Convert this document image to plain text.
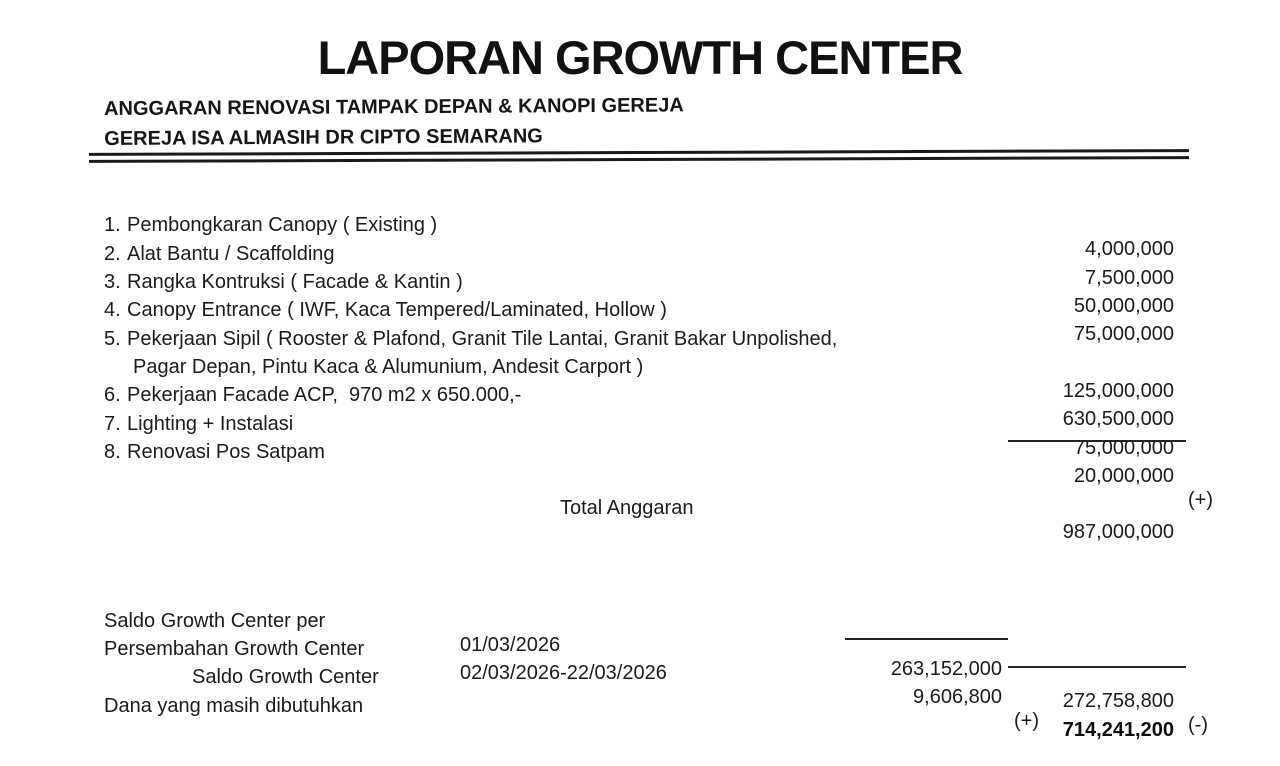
LAPORAN GROWTH CENTER
ANGGARAN RENOVASI TAMPAK DEPAN & KANOPI GEREJA
GEREJA ISA ALMASIH DR CIPTO SEMARANG

1. Pembongkaran Canopy ( Existing )

4,000,000

2. Alat Bantu / Scaffolding

7,500,000

3. Rangka Kontruksi ( Facade & Kantin )

50,000,000

4. Canopy Entrance ( IWF, Kaca Tempered/Laminated, Hollow )

75,000,000

5. Pekerjaan Sipil ( Rooster & Plafond, Granit Tile Lantai, Granit Bakar Unpolished,

Pagar Depan, Pintu Kaca & Alumunium, Andesit Carport )

125,000,000

6. Pekerjaan Facade ACP,  970 m2 x 650.000,-

630,500,000

7. Lighting + Instalasi

75,000,000

8. Renovasi Pos Satpam

20,000,000

(+)

Total Anggaran

987,000,000

Saldo Growth Center per

01/03/2026

263,152,000

Persembahan Growth Center

02/03/2026-22/03/2026

9,606,800

(+)

Saldo Growth Center

272,758,800

(-)

Dana yang masih dibutuhkan

714,241,200
